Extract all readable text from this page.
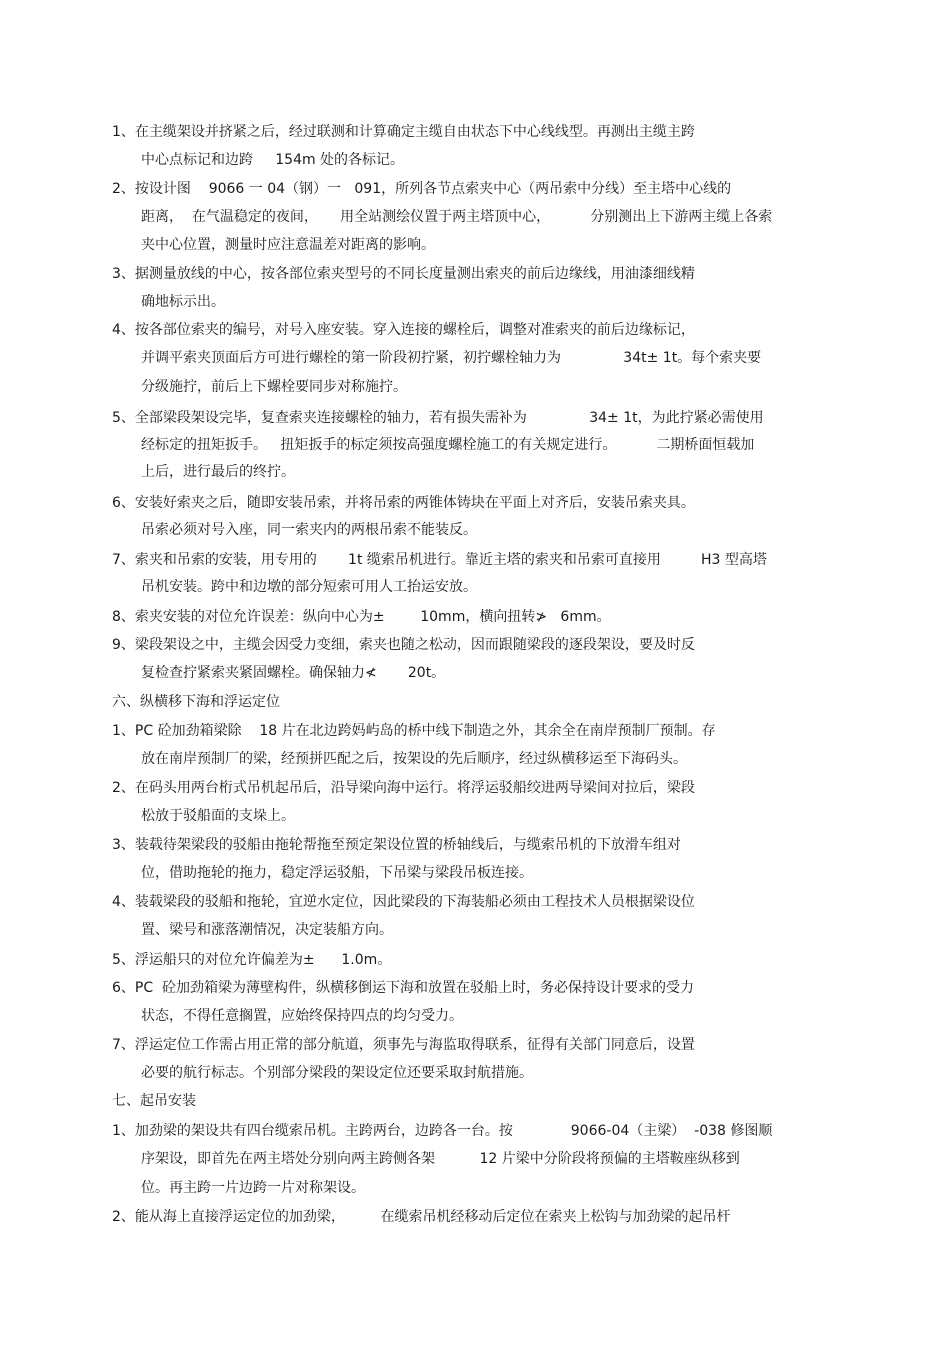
1、在主缆架设并挤紧之后，经过联测和计算确定主缆自由状态下中心线线型。再测出主缆主跨
中心点标记和边跨     154m 处的各标记。
2、按设计图    9066 一 04（钢）一   091，所列各节点索夹中心（两吊索中分线）至主塔中心线的
距离，  在气温稳定的夜间，     用全站测绘仪置于两主塔顶中心，         分别测出上下游两主缆上各索
夹中心位置，测量时应注意温差对距离的影响。
3、据测量放线的中心，按各部位索夹型号的不同长度量测出索夹的前后边缘线，用油漆细线精
确地标示出。
4、按各部位索夹的编号，对号入座安装。穿入连接的螺栓后，调整对准索夹的前后边缘标记，
并调平索夹顶面后方可进行螺栓的第一阶段初拧紧，初拧螺栓轴力为              34t± 1t。每个索夹要
分级施拧，前后上下螺栓要同步对称施拧。
5、全部梁段架设完毕，复查索夹连接螺栓的轴力，若有损失需补为              34± 1t，为此拧紧必需使用
经标定的扭矩扳手。   扭矩扳手的标定须按高强度螺栓施工的有关规定进行。         二期桥面恒载加
上后，进行最后的终拧。
6、安装好索夹之后，随即安装吊索，并将吊索的两锥体铸块在平面上对齐后，安装吊索夹具。
吊索必须对号入座，同一索夹内的两根吊索不能装反。
7、索夹和吊索的安装，用专用的       1t 缆索吊机进行。靠近主塔的索夹和吊索可直接用         H3 型高塔
吊机安装。跨中和边墩的部分短索可用人工抬运安放。
8、索夹安装的对位允许误差：纵向中心为±        10mm，横向扭转≯   6mm。
9、梁段架设之中，主缆会因受力变细，索夹也随之松动，因而跟随梁段的逐段架设，要及时反
复检查拧紧索夹紧固螺栓。确保轴力≮       20t。
六、纵横移下海和浮运定位
1、PC 砼加劲箱梁除    18 片在北边跨妈屿岛的桥中线下制造之外，其余全在南岸预制厂预制。存
放在南岸预制厂的梁，经预拼匹配之后，按架设的先后顺序，经过纵横移运至下海码头。
2、在码头用两台桁式吊机起吊后，沿导梁向海中运行。将浮运驳船绞进两导梁间对拉后，梁段
松放于驳船面的支垛上。
3、装载待架梁段的驳船由拖轮帮拖至预定架设位置的桥轴线后，与缆索吊机的下放滑车组对
位，借助拖轮的拖力，稳定浮运驳船，下吊梁与梁段吊板连接。
4、装载梁段的驳船和拖轮，宜逆水定位，因此梁段的下海装船必须由工程技术人员根据梁设位
置、梁号和涨落潮情况，决定装船方向。
5、浮运船只的对位允许偏差为±      1.0m。
6、PC  砼加劲箱梁为薄壁构件，纵横移倒运下海和放置在驳船上时，务必保持设计要求的受力
状态，不得任意搁置，应始终保持四点的均匀受力。
7、浮运定位工作需占用正常的部分航道，须事先与海监取得联系，征得有关部门同意后，设置
必要的航行标志。个别部分梁段的架设定位还要采取封航措施。
七、起吊安装
1、加劲梁的架设共有四台缆索吊机。主跨两台，边跨各一台。按             9066-04（主梁）  -038 修图顺
序架设，即首先在两主塔处分别向两主跨侧各架          12 片梁中分阶段将预偏的主塔鞍座纵移到
位。再主跨一片边跨一片对称架设。
2、能从海上直接浮运定位的加劲梁，        在缆索吊机经移动后定位在索夹上松钩与加劲梁的起吊杆
